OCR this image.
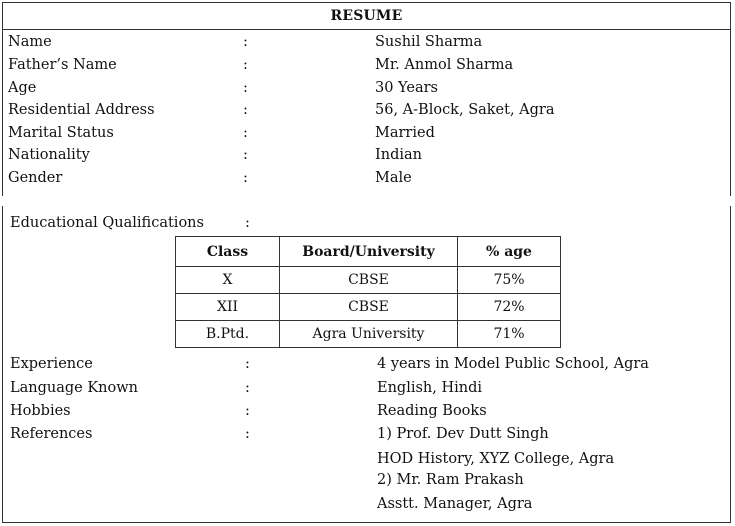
RESUME
Name	:	Sushil Sharma
Father’s Name	:	Mr. Anmol Sharma
Age	:	30 Years
Residential Address	:	56, A-Block, Saket, Agra
Marital Status	:	Married
Nationality	:	Indian
Gender	:	Male
Educational Qualifications	:
Class	Board/University	% age
X	CBSE	75%
XII	CBSE	72%
B.Ptd.	Agra University	71%
Experience	:	4 years in Model Public School, Agra
Language Known	:	English, Hindi
Hobbies	:	Reading Books
References	:	1) Prof. Dev Dutt Singh
HOD History, XYZ College, Agra
2) Mr. Ram Prakash
Asstt. Manager, Agra
